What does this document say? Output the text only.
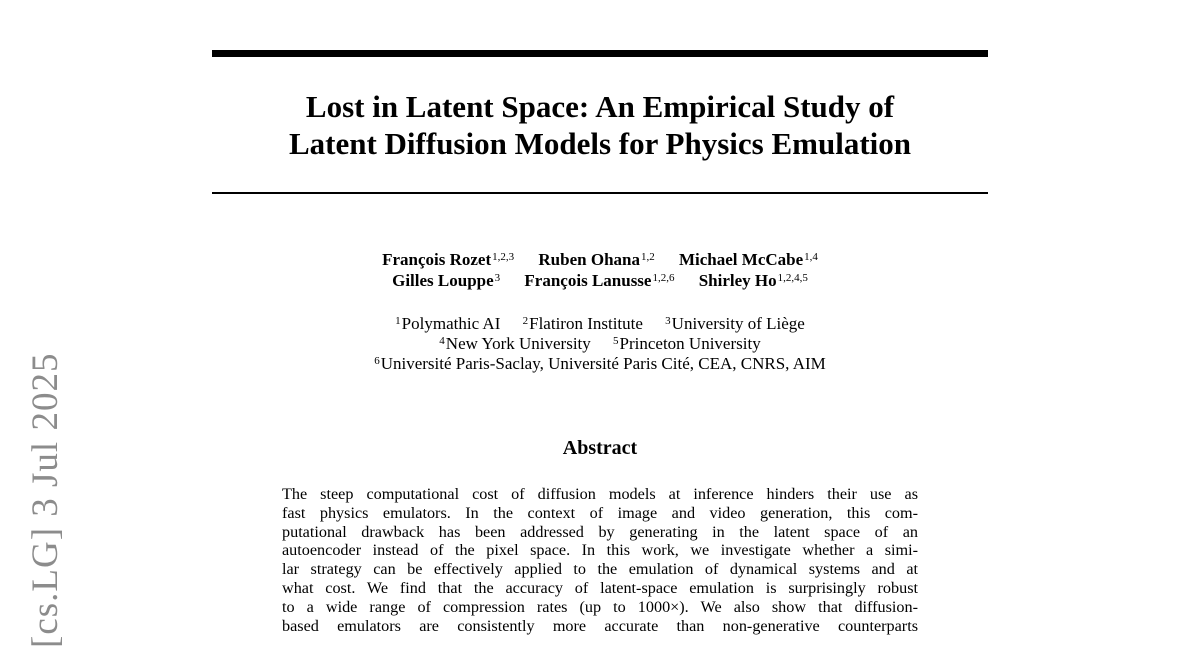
[cs.LG] 3 Jul 2025
Lost in Latent Space: An Empirical Study of
Latent Diffusion Models for Physics Emulation
François Rozet$^{1,2,3}$ Ruben Ohana$^{1,2}$ Michael McCabe$^{1,4}$
Gilles Louppe$^3$ François Lanusse$^{1,2,6}$ Shirley Ho$^{1,2,4,5}$
$^1$Polymathic AI $^2$Flatiron Institute $^3$University of Liège
$^4$New York University $^5$Princeton University
$^6$Université Paris-Saclay, Université Paris Cité, CEA, CNRS, AIM
Abstract
The steep computational cost of diffusion models at inference hinders their use as
fast physics emulators. In the context of image and video generation, this com-
putational drawback has been addressed by generating in the latent space of an
autoencoder instead of the pixel space. In this work, we investigate whether a simi-
lar strategy can be effectively applied to the emulation of dynamical systems and at
what cost. We find that the accuracy of latent-space emulation is surprisingly robust
to a wide range of compression rates (up to 1000×). We also show that diffusion-
based emulators are consistently more accurate than non-generative counterparts
